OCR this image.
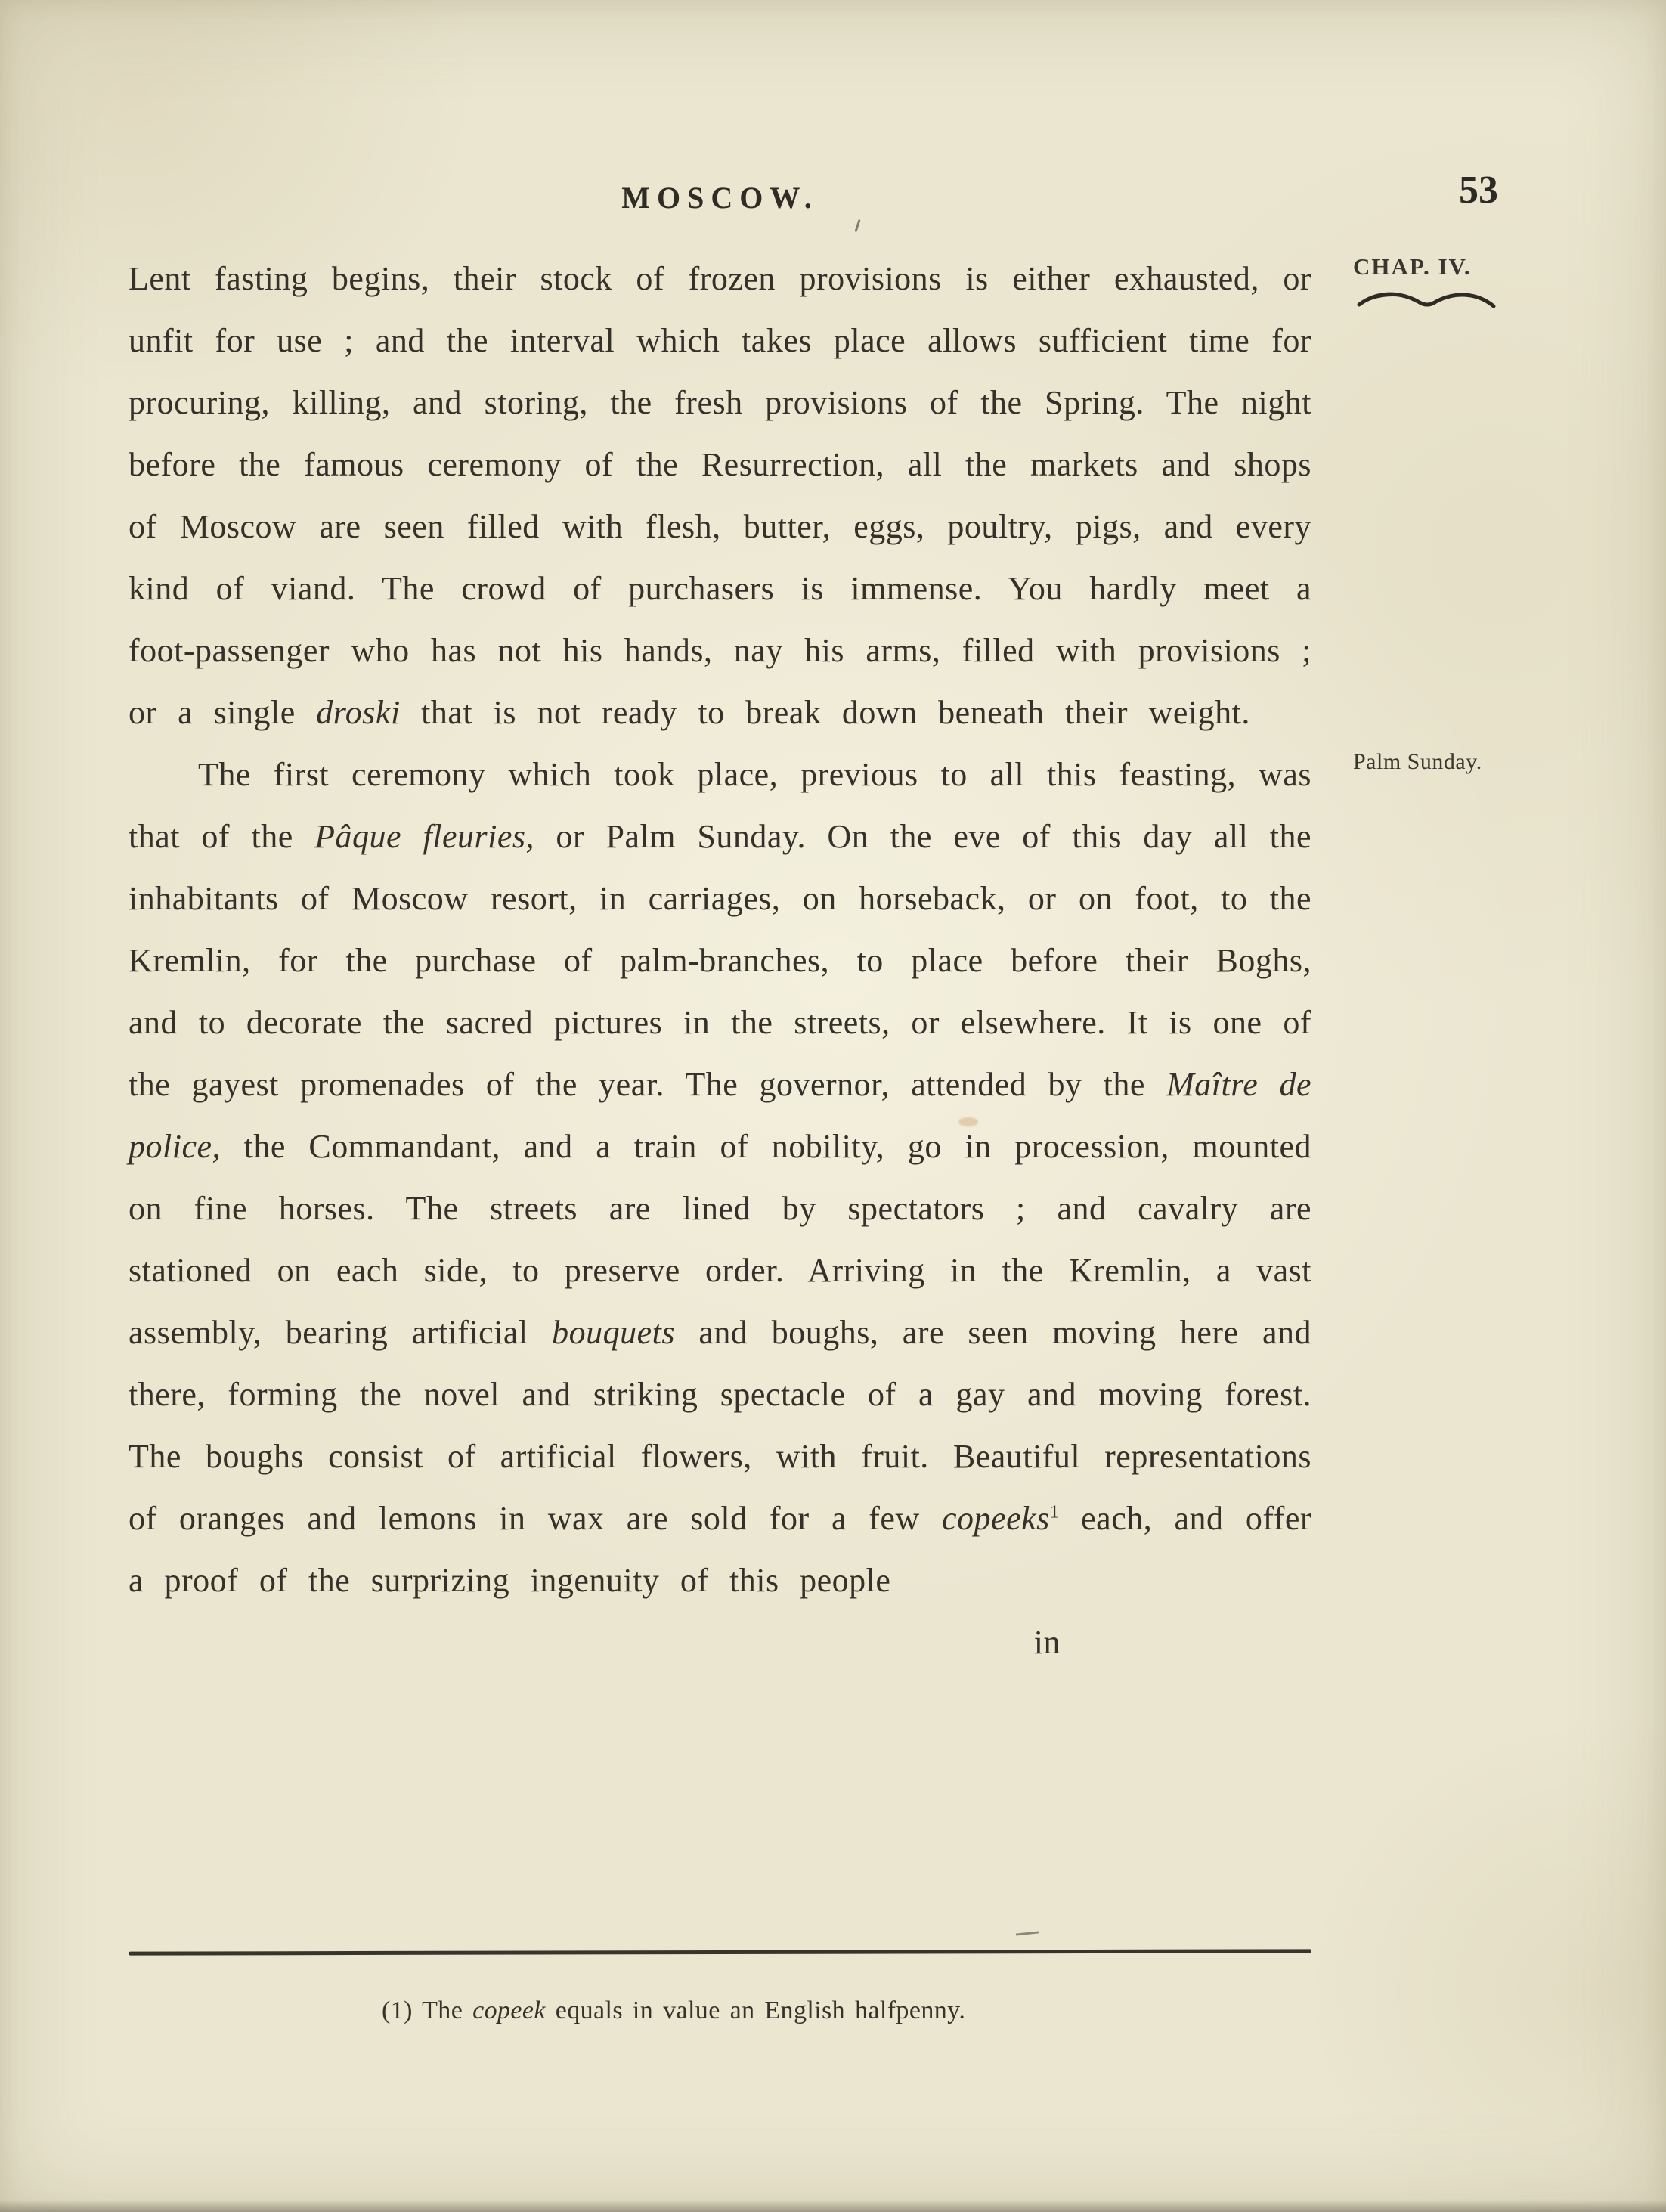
MOSCOW.	53

CHAP. IV.
Lent fasting begins, their stock of frozen provisions is either exhausted, or unfit for use ; and the interval which takes place allows sufficient time for procuring, killing, and storing, the fresh provisions of the Spring. The night before the famous ceremony of the Resurrection, all the markets and shops of Moscow are seen filled with flesh, butter, eggs, poultry, pigs, and every kind of viand. The crowd of purchasers is immense. You hardly meet a foot-passenger who has not his hands, nay his arms, filled with provisions ; or a single droski that is not ready to break down beneath their weight.

Palm Sunday.
The first ceremony which took place, previous to all this feasting, was that of the Pâque fleuries, or Palm Sunday. On the eve of this day all the inhabitants of Moscow resort, in carriages, on horseback, or on foot, to the Kremlin, for the purchase of palm-branches, to place before their Boghs, and to decorate the sacred pictures in the streets, or elsewhere. It is one of the gayest promenades of the year. The governor, attended by the Maître de police, the Commandant, and a train of nobility, go in procession, mounted on fine horses. The streets are lined by spectators ; and cavalry are stationed on each side, to preserve order. Arriving in the Kremlin, a vast assembly, bearing artificial bouquets and boughs, are seen moving here and there, forming the novel and striking spectacle of a gay and moving forest. The boughs consist of artificial flowers, with fruit. Beautiful representations of oranges and lemons in wax are sold for a few copeeks$^1$ each, and offer a proof of the surprizing ingenuity of this people

in
(1) The copeek equals in value an English halfpenny.
